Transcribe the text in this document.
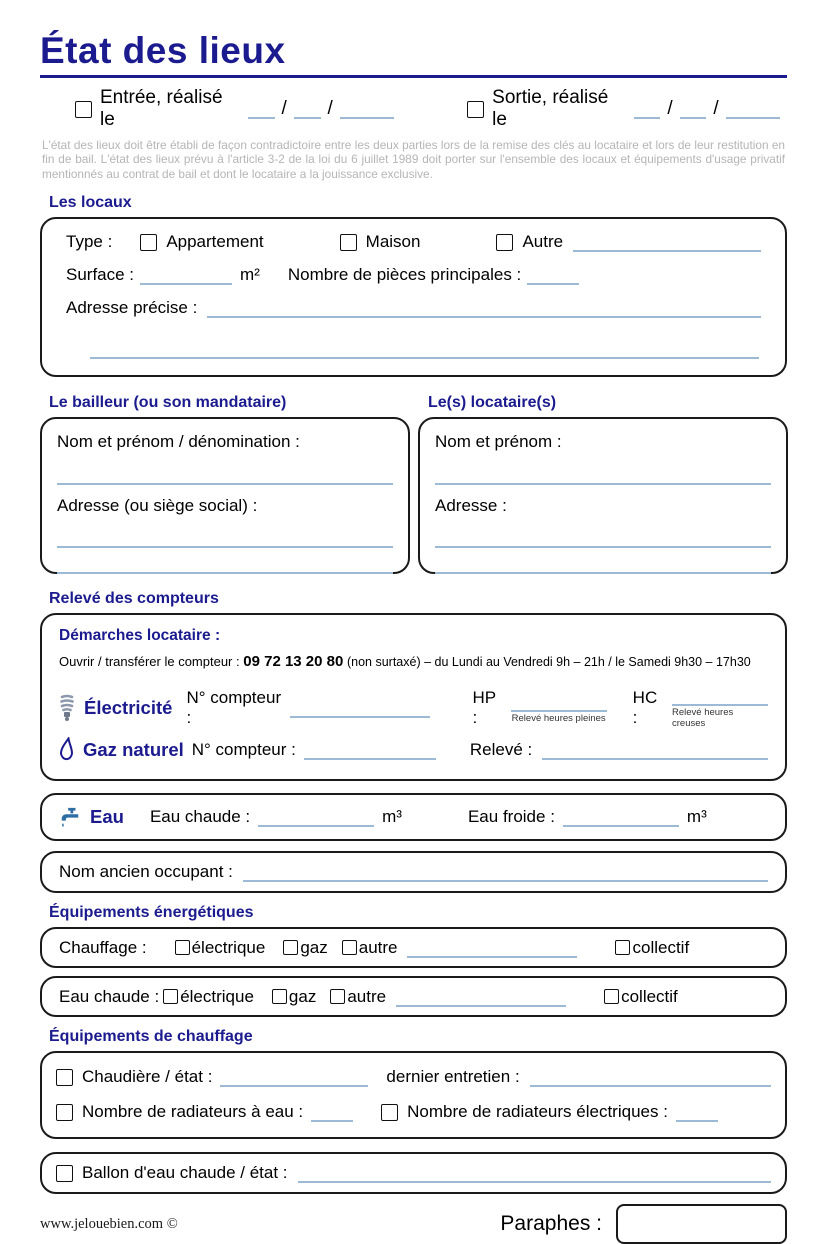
État des lieux
Entrée, réalisé le
/ /
Sortie, réalisé le
/ /

L'état des lieux doit être établi de façon contradictoire entre les deux parties lors de la remise des clés au locataire et lors de leur restitution en fin de bail. L'état des lieux prévu à l'article 3-2 de la loi du 6 juillet 1989 doit porter sur l'ensemble des locaux et équipements d'usage privatif mentionnés au contrat de bail et dont le locataire a la jouissance exclusive.

Les locaux
Type :	Appartement	Maison	Autre
Surface :	m² Nombre de pièces principales :
Adresse précise :
Le bailleur (ou son mandataire)	Le(s) locataire(s)
Nom et prénom / dénomination :
Adresse (ou siège social) :
Nom et prénom :
Adresse :
Relevé des compteurs
Démarches locataire :
Ouvrir / transférer le compteur : 09 72 13 20 80 (non surtaxé) – du Lundi au Vendredi 9h – 21h / le Samedi 9h30 – 17h30
Électricité N° compteur :
HP :	Relevé heures pleines
HC :	Relevé heures creuses
Gaz naturel N° compteur :	Relevé :
Eau Eau chaude :	m³	Eau froide :	m³
Nom ancien occupant :
Équipements énergétiques
Chauffage :	électrique gaz autre	collectif
Eau chaude : électrique gaz autre	collectif
Équipements de chauffage
Chaudière / état :	dernier entretien :
Nombre de radiateurs à eau :	Nombre de radiateurs électriques :
Ballon d'eau chaude / état :
www.jelouebien.com ©	Paraphes :
